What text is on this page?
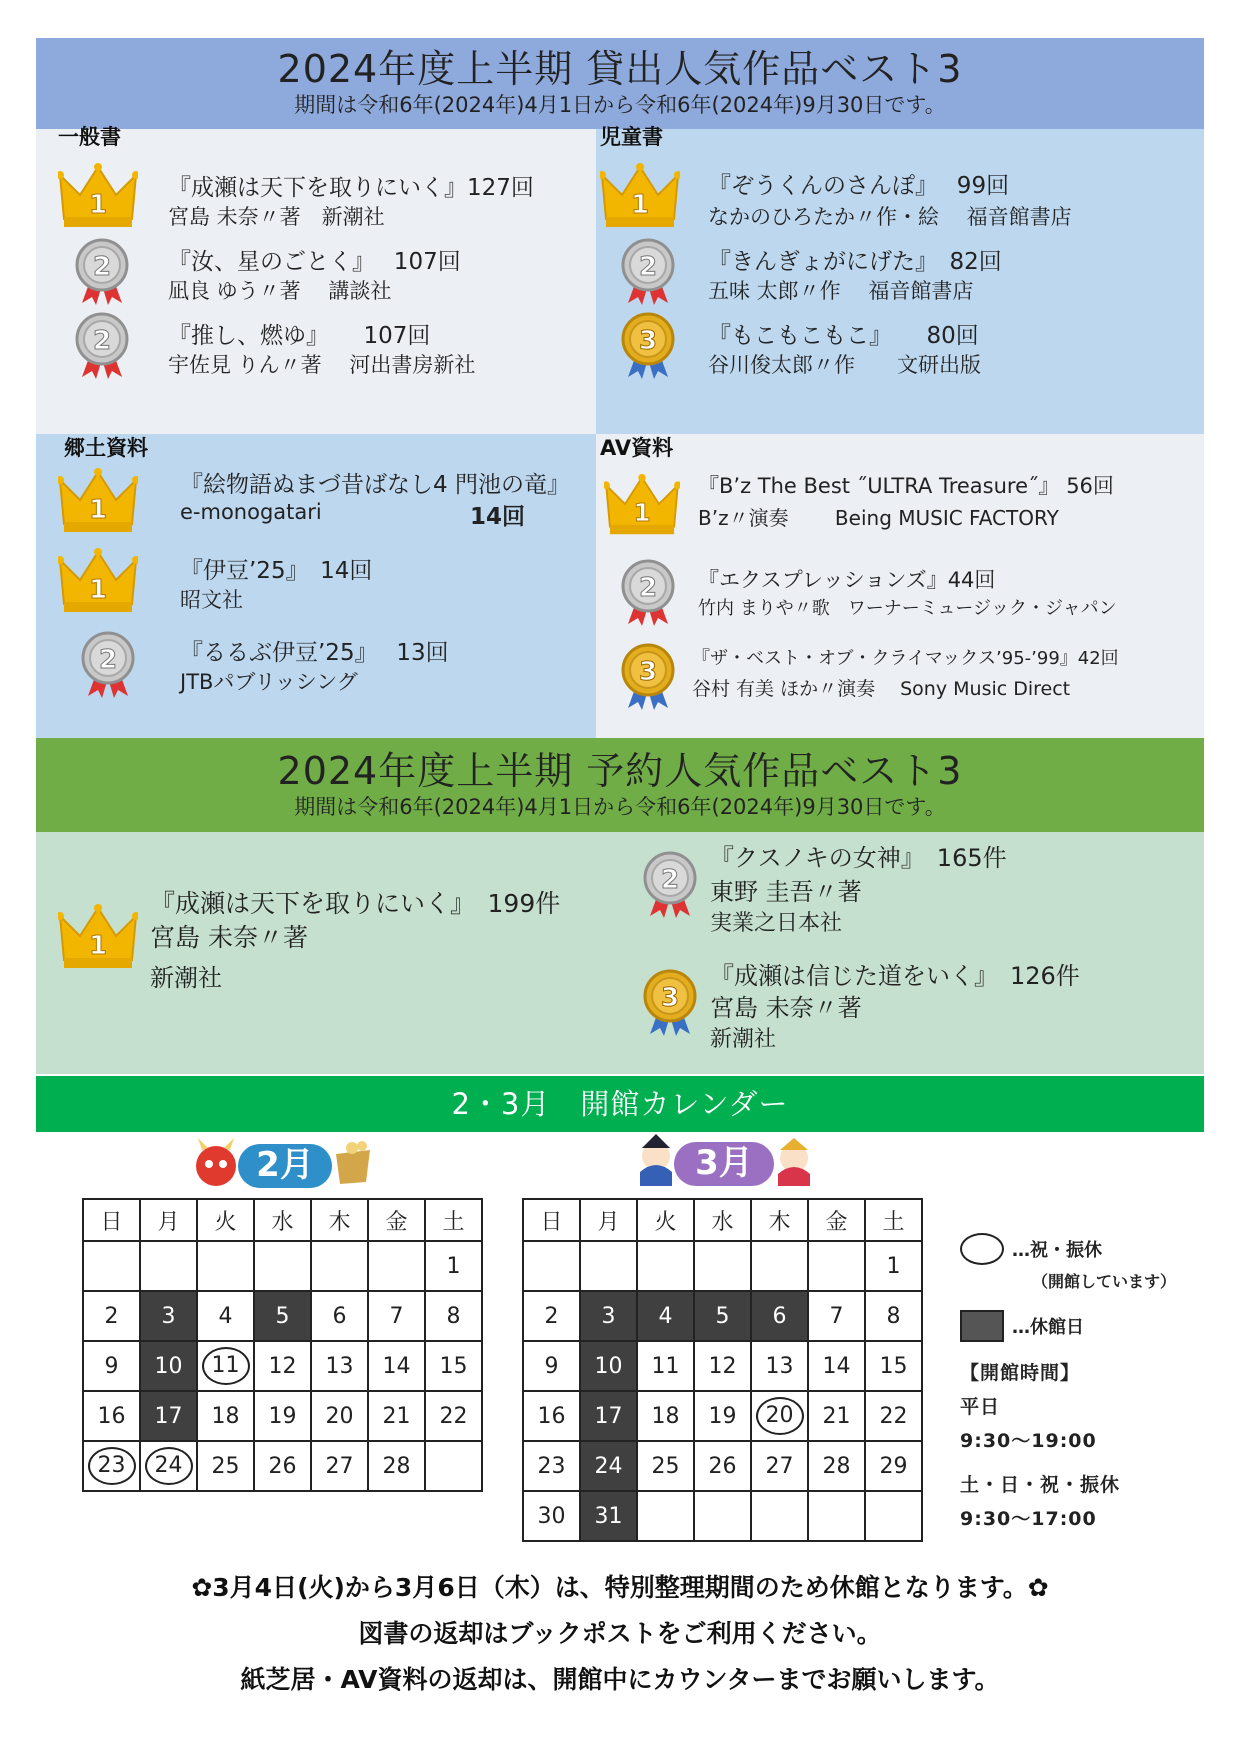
2024年度上半期 貸出人気作品ベスト3
期間は令和6年(2024年)4月1日から令和6年(2024年)9月30日です。
一般書
1
『成瀬は天下を取りにいく』127回
宮島 未奈〃著　新潮社
2 『汝、星のごとく』　 107回
凪良 ゆう〃著　 講談社
2 『推し、燃ゆ』　　107回
宇佐見 りん〃著　 河出書房新社
児童書
1
『ぞうくんのさんぽ』　 99回
なかのひろたか〃作・絵　 福音館書店
2 『きんぎょがにげた』　82回
五味 太郎〃作　 福音館書店
3 『もこもこもこ』　　80回
谷川俊太郎〃作　　文研出版
郷土資料
1
『絵物語ぬまづ昔ばなし4 門池の竜』
e-monogatari	14回
1
『伊豆’25』　14回
昭文社
2	『るるぶ伊豆’25』　 13回
JTBパブリッシング
AV資料
1
『B’z The Best ˝ULTRA Treasure˝』 56回
B’z〃演奏　　 Being MUSIC FACTORY
2 『エクスプレッションズ』44回
竹内 まりや〃歌　ワーナーミュージック・ジャパン
3 『ザ・ベスト・オブ・クライマックス’95-’99』42回
谷村 有美 ほか〃演奏　 Sony Music Direct
2024年度上半期 予約人気作品ベスト3
期間は令和6年(2024年)4月1日から令和6年(2024年)9月30日です。
1
『成瀬は天下を取りにいく』　199件
宮島 未奈〃著
新潮社
2
『クスノキの女神』　165件
東野 圭吾〃著
実業之日本社
3
『成瀬は信じた道をいく』　126件
宮島 未奈〃著
新潮社
2・3月　開館カレンダー
2月	3月
日	月	火	水	木	金	土
						1
2	3	4	5	6	7	8
9	10	11	12	13	14	15
16	17	18	19	20	21	22
23	24	25	26	27	28	
日	月	火	水	木	金	土
						1
2	3	4	5	6	7	8
9	10	11	12	13	14	15
16	17	18	19	20	21	22
23	24	25	26	27	28	29
30	31					
…祝・振休
（開館しています）
…休館日
【開館時間】
平日
9:30～19:00
土・日・祝・振休
9:30～17:00
✿3月4日(火)から3月6日（木）は、特別整理期間のため休館となります。✿
図書の返却はブックポストをご利用ください。
紙芝居・AV資料の返却は、開館中にカウンターまでお願いします。
